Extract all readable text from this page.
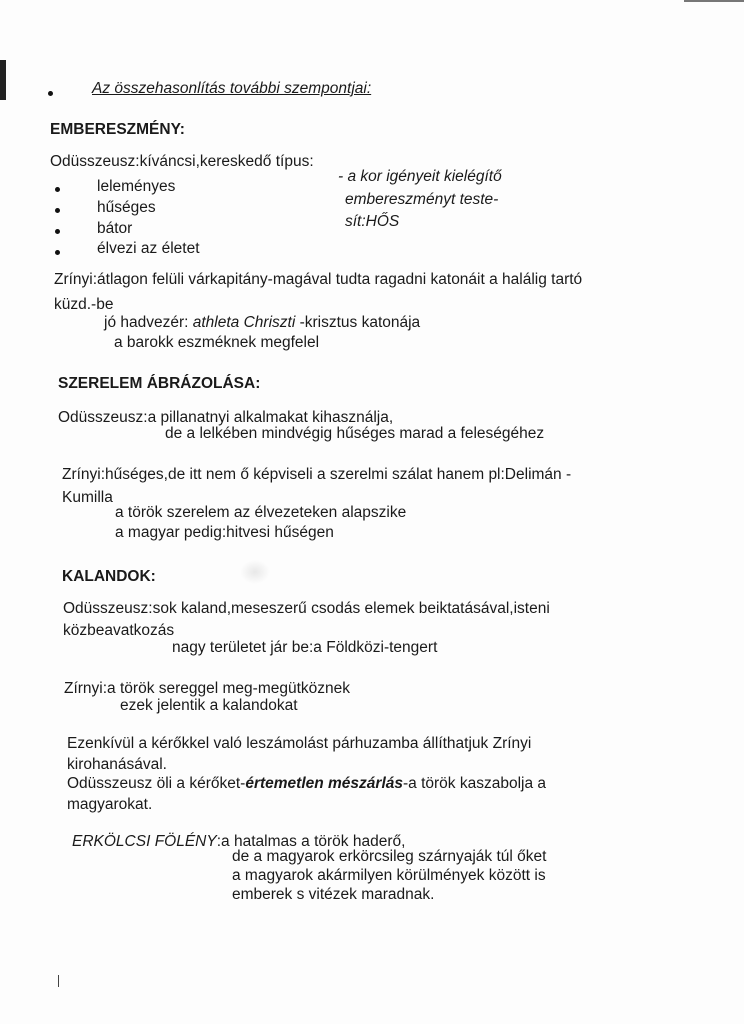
Az összehasonlítás további szempontjai:
EMBERESZMÉNY:
Odüsszeusz:kíváncsi,kereskedő típus:
leleményes
hűséges
bátor
élvezi az életet
- a kor igényeit kielégítő
embereszményt teste-
sít:HŐS
Zrínyi:átlagon felüli várkapitány-magával tudta ragadni katonáit a halálig tartó
küzd.-be
jó hadvezér: athleta Chriszti -krisztus katonája
a barokk eszméknek megfelel
SZERELEM ÁBRÁZOLÁSA:
Odüsszeusz:a pillanatnyi alkalmakat kihasználja,
de a lelkében mindvégig hűséges marad a feleségéhez
Zrínyi:hűséges,de itt nem ő képviseli a szerelmi szálat hanem pl:Delimán -
Kumilla
a török szerelem az élvezeteken alapszike
a magyar pedig:hitvesi hűségen
KALANDOK:
Odüsszeusz:sok kaland,meseszerű csodás elemek beiktatásával,isteni
közbeavatkozás
nagy területet jár be:a Földközi-tengert
Zírnyi:a török sereggel meg-megütköznek
ezek jelentik a kalandokat
Ezenkívül a kérőkkel való leszámolást párhuzamba állíthatjuk Zrínyi
kirohanásával.
Odüsszeusz öli a kérőket-értemetlen mészárlás-a török kaszabolja a
magyarokat.
ERKÖLCSI FÖLÉNY:a hatalmas a török haderő,
de a magyarok erkörcsileg szárnyaják túl őket
a magyarok akármilyen körülmények között is
emberek s vitézek maradnak.
